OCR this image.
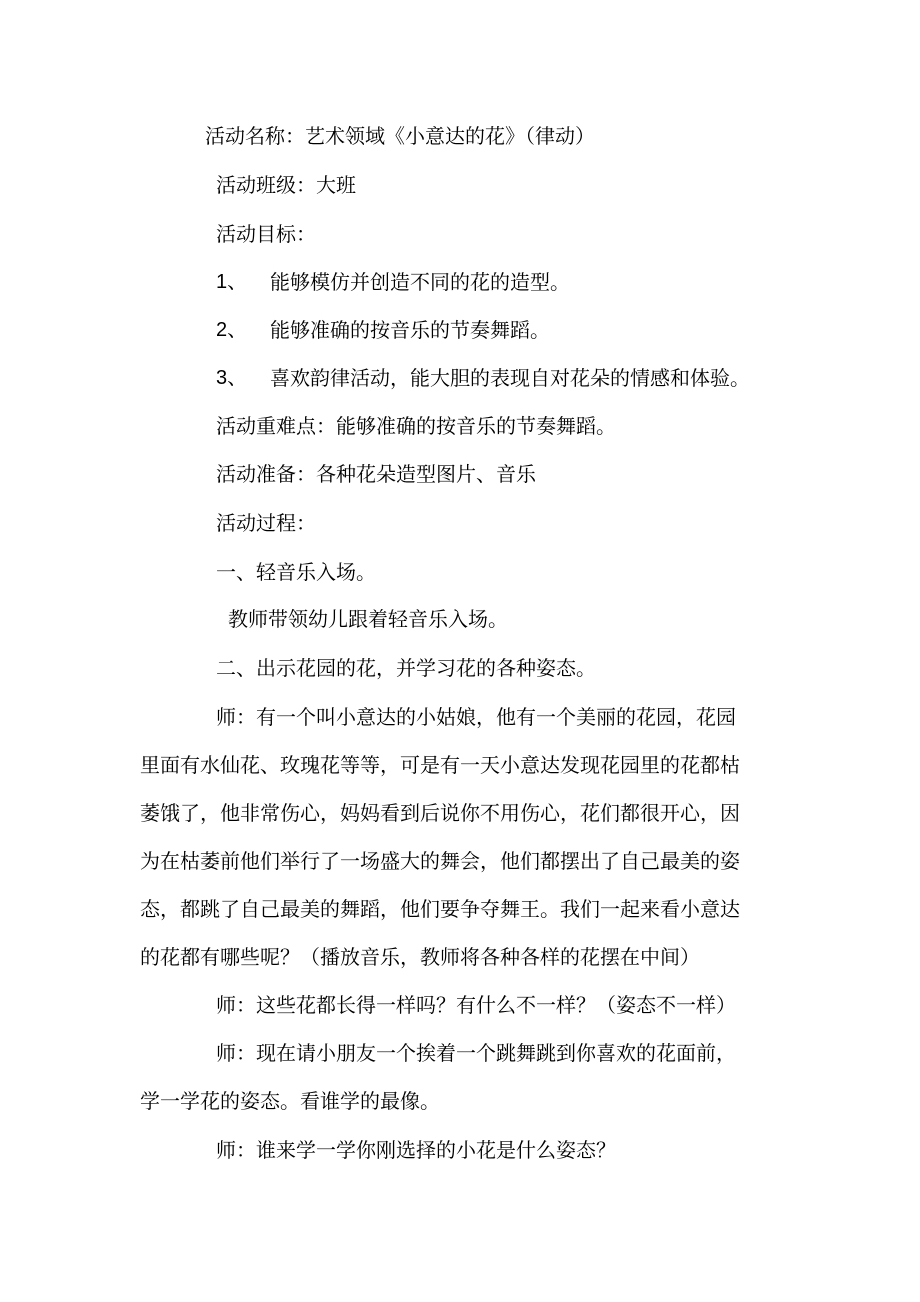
活动名称：艺术领域《小意达的花》（律动）
活动班级：大班
活动目标：
1、 能够模仿并创造不同的花的造型。
2、 能够准确的按音乐的节奏舞蹈。
3、 喜欢韵律活动，能大胆的表现自对花朵的情感和体验。
活动重难点：能够准确的按音乐的节奏舞蹈。
活动准备：各种花朵造型图片、音乐
活动过程：
一、轻音乐入场。
教师带领幼儿跟着轻音乐入场。
二、出示花园的花，并学习花的各种姿态。
师：有一个叫小意达的小姑娘，他有一个美丽的花园，花园
里面有水仙花、玫瑰花等等，可是有一天小意达发现花园里的花都枯
萎饿了，他非常伤心，妈妈看到后说你不用伤心，花们都很开心，因
为在枯萎前他们举行了一场盛大的舞会，他们都摆出了自己最美的姿
态，都跳了自己最美的舞蹈，他们要争夺舞王。我们一起来看小意达
的花都有哪些呢？（播放音乐，教师将各种各样的花摆在中间）
师：这些花都长得一样吗？有什么不一样？（姿态不一样）
师：现在请小朋友一个挨着一个跳舞跳到你喜欢的花面前，
学一学花的姿态。看谁学的最像。
师：谁来学一学你刚选择的小花是什么姿态？
